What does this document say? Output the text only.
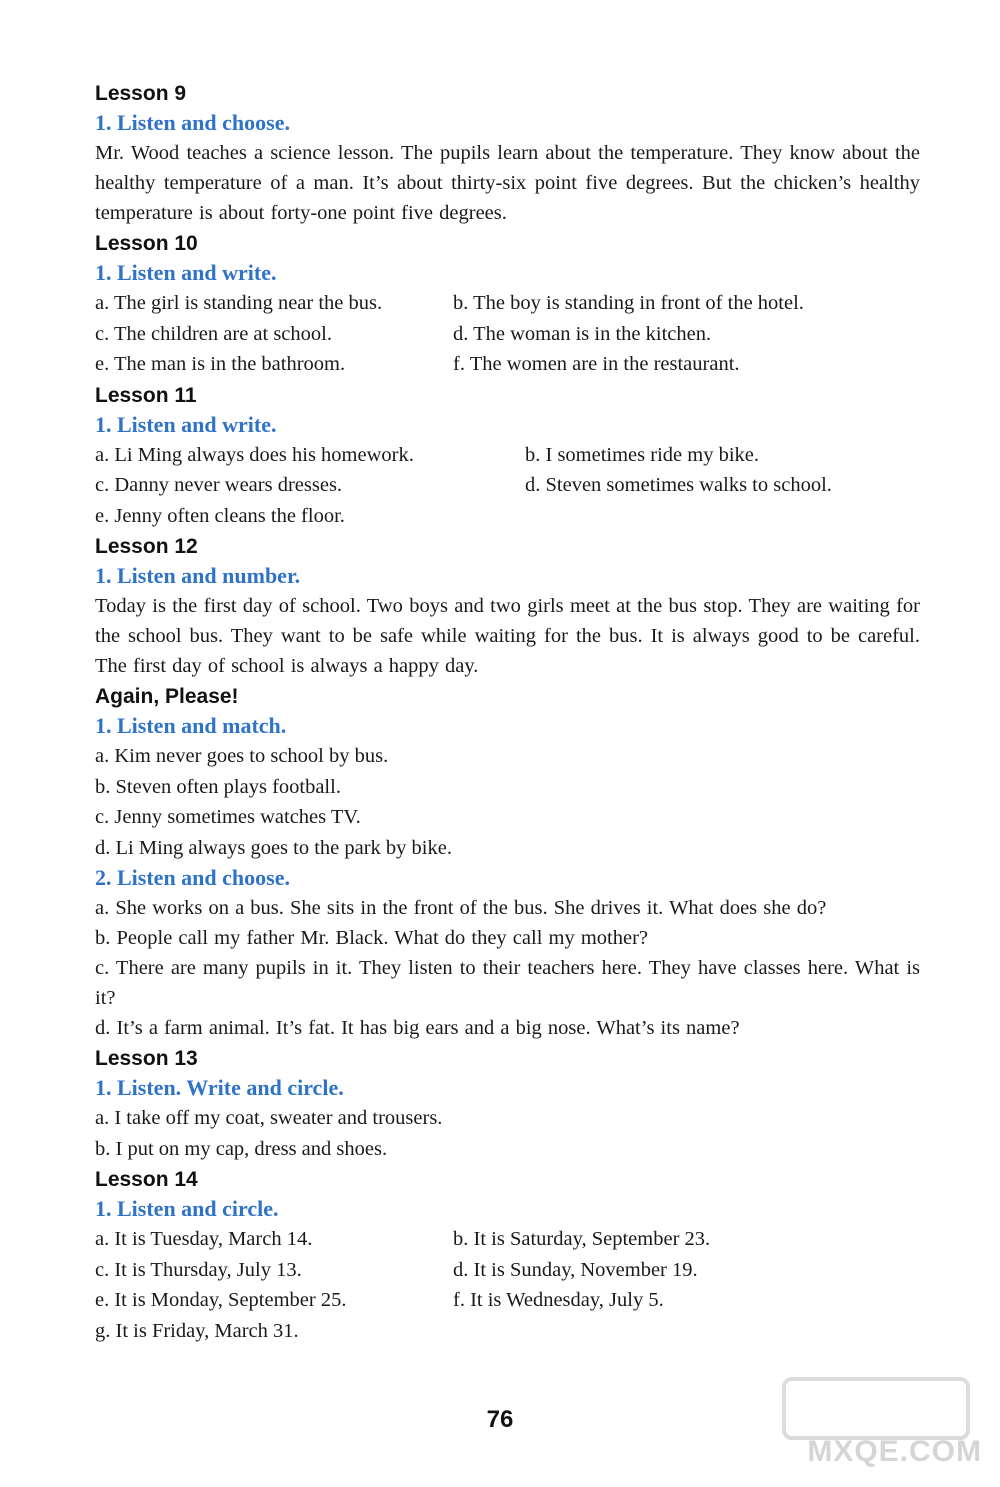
Lesson 9
1. Listen and choose.
Mr. Wood teaches a science lesson. The pupils learn about the temperature. They know about the healthy temperature of a man. It’s about thirty-six point five degrees. But the chicken’s healthy temperature is about forty-one point five degrees.
Lesson 10
1. Listen and write.
a. The girl is standing near the bus.	b. The boy is standing in front of the hotel.
c. The children are at school.	d. The woman is in the kitchen.
e. The man is in the bathroom.	f. The women are in the restaurant.
Lesson 11
1. Listen and write.
a. Li Ming always does his homework.	b. I sometimes ride my bike.
c. Danny never wears dresses.	d. Steven sometimes walks to school.
e. Jenny often cleans the floor.
Lesson 12
1. Listen and number.
Today is the first day of school. Two boys and two girls meet at the bus stop. They are waiting for the school bus. They want to be safe while waiting for the bus. It is always good to be careful. The first day of school is always a happy day.
Again, Please!
1. Listen and match.
a. Kim never goes to school by bus.
b. Steven often plays football.
c. Jenny sometimes watches TV.
d. Li Ming always goes to the park by bike.
2. Listen and choose.
a. She works on a bus. She sits in the front of the bus. She drives it. What does she do?
b. People call my father Mr. Black. What do they call my mother?
c. There are many pupils in it. They listen to their teachers here. They have classes here. What is it?
d. It’s a farm animal. It’s fat. It has big ears and a big nose. What’s its name?
Lesson 13
1. Listen. Write and circle.
a. I take off my coat, sweater and trousers.
b. I put on my cap, dress and shoes.
Lesson 14
1. Listen and circle.
a. It is Tuesday, March 14.	b. It is Saturday, September 23.
c. It is Thursday, July 13.	d. It is Sunday, November 19.
e. It is Monday, September 25.	f. It is Wednesday, July 5.
g. It is Friday, March 31.
76
MXQE.COM
